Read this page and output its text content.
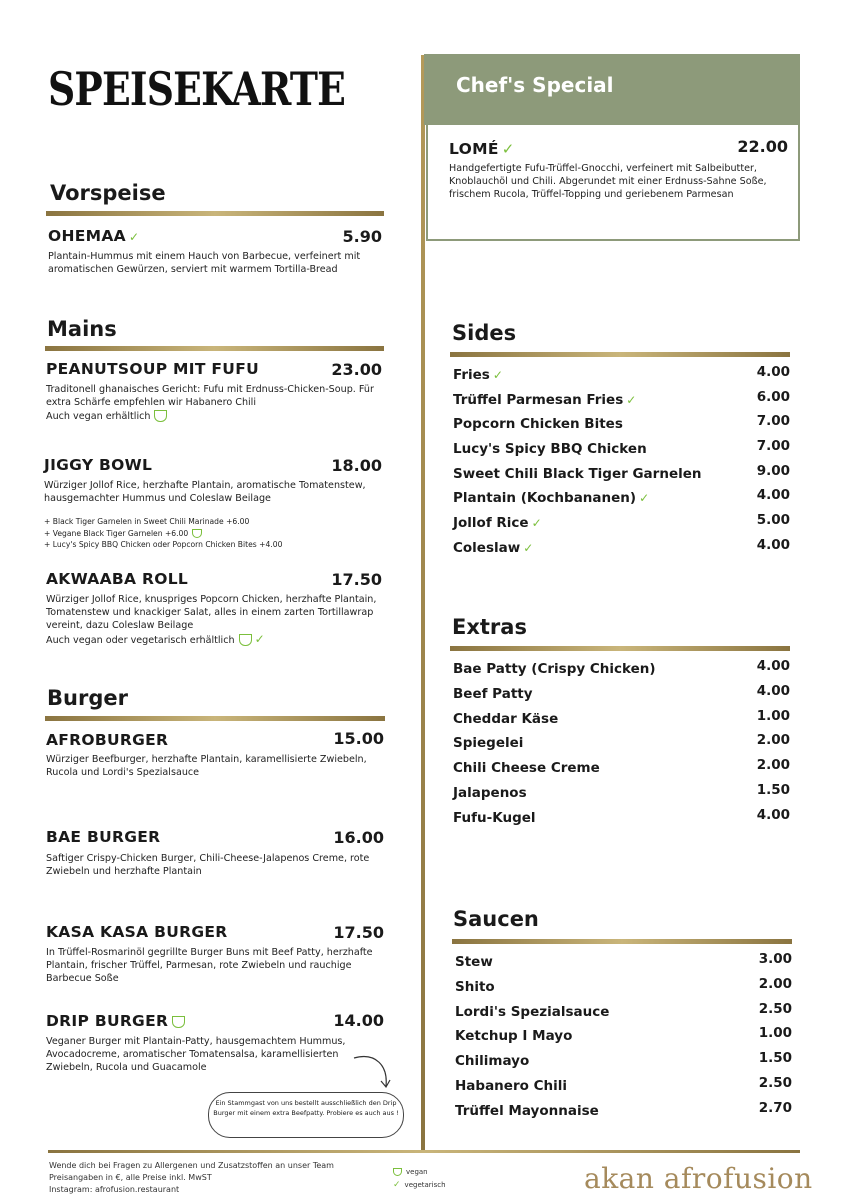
SPEISEKARTE
Vorspeise
OHEMAA ✓	5.90
Plantain-Hummus mit einem Hauch von Barbecue, verfeinert mit aromatischen Gewürzen, serviert mit warmem Tortilla-Bread
Mains
PEANUTSOUP MIT FUFU	23.00
Traditonell ghanaisches Gericht: Fufu mit Erdnuss-Chicken-Soup. Für extra Schärfe empfehlen wir Habanero Chili
Auch vegan erhältlich
JIGGY BOWL	18.00
Würziger Jollof Rice, herzhafte Plantain, aromatische Tomatenstew, hausgemachter Hummus und Coleslaw Beilage
+ Black Tiger Garnelen in Sweet Chili Marinade +6.00
+ Vegane Black Tiger Garnelen +6.00
+ Lucy's Spicy BBQ Chicken oder Popcorn Chicken Bites +4.00
AKWAABA ROLL	17.50
Würziger Jollof Rice, knuspriges Popcorn Chicken, herzhafte Plantain, Tomatenstew und knackiger Salat, alles in einem zarten Tortillawrap vereint, dazu Coleslaw Beilage
Auch vegan oder vegetarisch erhältlich ✓
Burger
AFROBURGER	15.00
Würziger Beefburger, herzhafte Plantain, karamellisierte Zwiebeln, Rucola und Lordi's Spezialsauce
BAE BURGER	16.00
Saftiger Crispy-Chicken Burger, Chili-Cheese-Jalapenos Creme, rote Zwiebeln und herzhafte Plantain
KASA KASA BURGER	17.50
In Trüffel-Rosmarinöl gegrillte Burger Buns mit Beef Patty, herzhafte Plantain, frischer Trüffel, Parmesan, rote Zwiebeln und rauchige Barbecue Soße
DRIP BURGER	14.00
Veganer Burger mit Plantain-Patty, hausgemachtem Hummus, Avocadocreme, aromatischer Tomatensalsa, karamellisierten Zwiebeln, Rucola und Guacamole
Ein Stammgast von uns bestellt ausschließlich den Drip Burger mit einem extra Beefpatty. Probiere es auch aus !
Chef's Special
LOMÉ ✓	22.00
Handgefertigte Fufu-Trüffel-Gnocchi, verfeinert mit Salbeibutter, Knoblauchöl und Chili. Abgerundet mit einer Erdnuss-Sahne Soße, frischem Rucola, Trüffel-Topping und geriebenem Parmesan
Sides
Fries ✓	4.00
Trüffel Parmesan Fries ✓	6.00
Popcorn Chicken Bites	7.00
Lucy's Spicy BBQ Chicken	7.00
Sweet Chili Black Tiger Garnelen	9.00
Plantain (Kochbananen) ✓	4.00
Jollof Rice ✓	5.00
Coleslaw ✓	4.00
Extras
Bae Patty (Crispy Chicken)	4.00
Beef Patty	4.00
Cheddar Käse	1.00
Spiegelei	2.00
Chili Cheese Creme	2.00
Jalapenos	1.50
Fufu-Kugel	4.00
Saucen
Stew	3.00
Shito	2.00
Lordi's Spezialsauce	2.50
Ketchup I Mayo	1.00
Chilimayo	1.50
Habanero Chili	2.50
Trüffel Mayonnaise	2.70
Wende dich bei Fragen zu Allergenen und Zusatzstoffen an unser Team
Preisangaben in €, alle Preise inkl. MwST
Instagram: afrofusion.restaurant
vegan
✓ vegetarisch	akan afrofusion
